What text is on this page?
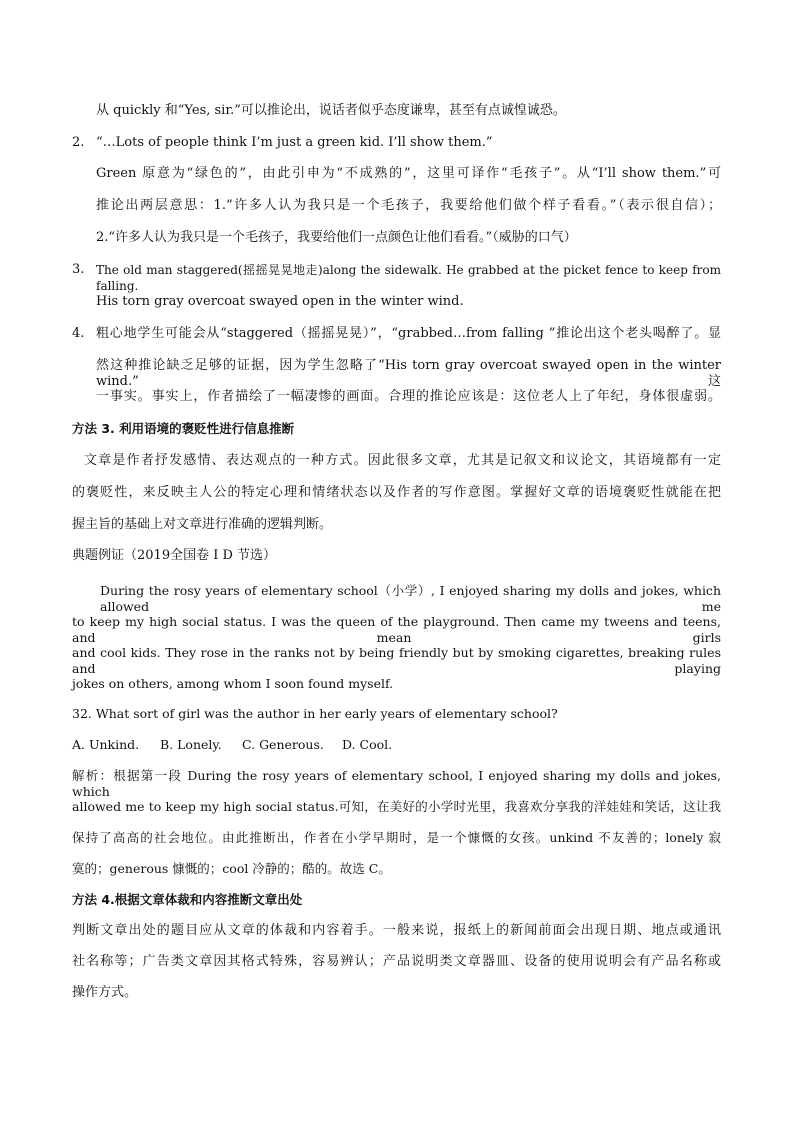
从 quickly 和“Yes, sir.”可以推论出，说话者似乎态度谦卑，甚至有点诚惶诚恐。
2. “…Lots of people think I’m just a green kid. I’ll show them.”
Green 原意为“绿色的”，由此引申为“不成熟的”，这里可译作“毛孩子”。从“I’ll show them.”可
推论出两层意思：1.“许多人认为我只是一个毛孩子，我要给他们做个样子看看。”（表示很自信）；
2.“许多人认为我只是一个毛孩子，我要给他们一点颜色让他们看看。”（威胁的口气）
3. The old man staggered(摇摇晃晃地走)along the sidewalk. He grabbed at the picket fence to keep from falling.
His torn gray overcoat swayed open in the winter wind.
4. 粗心地学生可能会从“staggered（摇摇晃晃）”，“grabbed…from falling ”推论出这个老头喝醉了。显
然这种推论缺乏足够的证据，因为学生忽略了“His torn gray overcoat swayed open in the winter wind.”这
一事实。事实上，作者描绘了一幅凄惨的画面。合理的推论应该是：这位老人上了年纪，身体很虚弱。
方法 3. 利用语境的褒贬性进行信息推断
文章是作者抒发感情、表达观点的一种方式。因此很多文章，尤其是记叙文和议论文，其语境都有一定
的褒贬性，来反映主人公的特定心理和情绪状态以及作者的写作意图。掌握好文章的语境褒贬性就能在把
握主旨的基础上对文章进行准确的逻辑判断。
典题例证（2019全国卷 I D 节选）
During the rosy years of elementary school（小学）, I enjoyed sharing my dolls and jokes, which allowed me
to keep my high social status. I was the queen of the playground. Then came my tweens and teens, and mean girls
and cool kids. They rose in the ranks not by being friendly but by smoking cigarettes, breaking rules and playing
jokes on others, among whom I soon found myself.
32. What sort of girl was the author in her early years of elementary school?
A. Unkind. B. Lonely. C. Generous. D. Cool.
解析：根据第一段 During the rosy years of elementary school, I enjoyed sharing my dolls and jokes, which
allowed me to keep my high social status.可知，在美好的小学时光里，我喜欢分享我的洋娃娃和笑话，这让我
保持了高高的社会地位。由此推断出，作者在小学早期时，是一个慷慨的女孩。unkind 不友善的；lonely 寂
寞的；generous 慷慨的；cool 冷静的；酷的。故选 C。
方法 4.根据文章体裁和内容推断文章出处
判断文章出处的题目应从文章的体裁和内容着手。一般来说，报纸上的新闻前面会出现日期、地点或通讯
社名称等；广告类文章因其格式特殊，容易辨认；产品说明类文章器皿、设备的使用说明会有产品名称或
操作方式。
